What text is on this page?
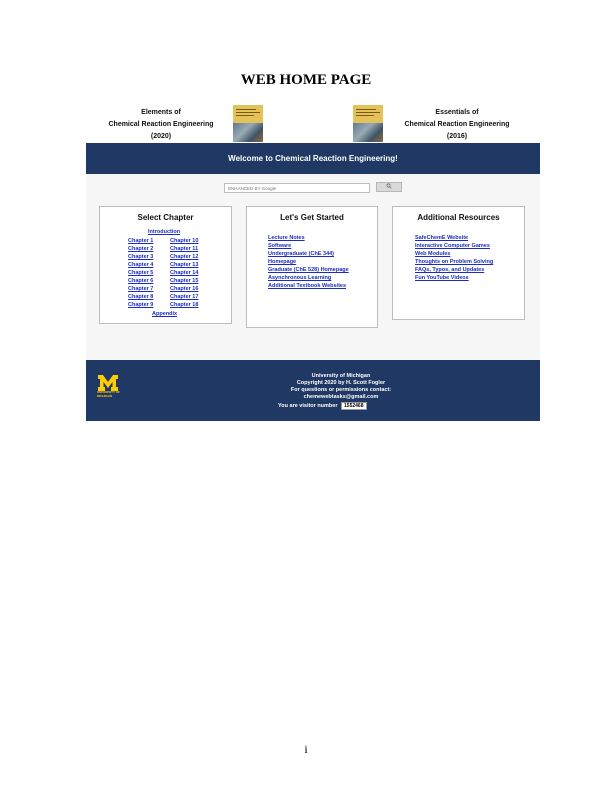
WEB HOME PAGE
Elements of
Chemical Reaction Engineering
(2020)
Essentials of
Chemical Reaction Engineering
(2016)
Welcome to Chemical Reaction Engineering!
ENHANCED BY Google
Select Chapter
Introduction
Chapter 1
Chapter 2
Chapter 3
Chapter 4
Chapter 5
Chapter 6
Chapter 7
Chapter 8
Chapter 9
Chapter 10
Chapter 11
Chapter 12
Chapter 13
Chapter 14
Chapter 15
Chapter 16
Chapter 17
Chapter 18
Appendix
Let's Get Started
Lecture Notes
Software
Undergraduate (ChE 344)
Homepage
Graduate (ChE 528) Homepage
Asynchronous Learning
Additional Textbook Websites
Additional Resources
SafeChemE Website
Interactive Computer Games
Web Modules
Thoughts on Problem Solving
FAQs, Typos, and Updates
Fun YouTube Videos
UNIVERSITY OF
MICHIGAN
University of Michigan
Copyright 2020 by H. Scott Fogler
For questions or permissions contact:
chemewebtasks@gmail.com
You are visitor number 1552468
i
